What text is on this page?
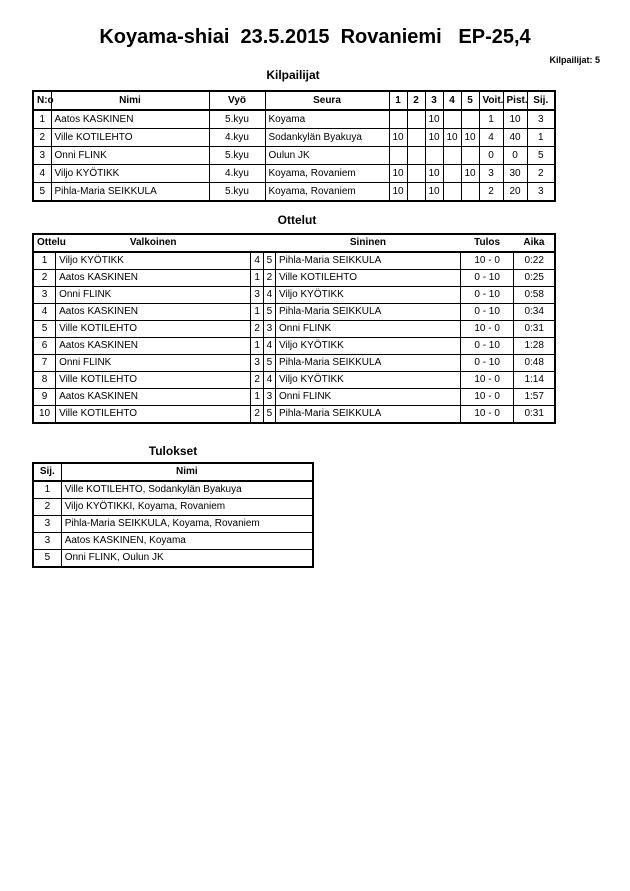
Koyama-shiai  23.5.2015  Rovaniemi   EP-25,4
Kilpailijat: 5
Kilpailijat
N:o	Nimi	Vyö	Seura	1	2	3	4	5	Voit.	Pist.	Sij.
1	Aatos KASKINEN	5.kyu	Koyama			10			1	10	3
2	Ville KOTILEHTO	4.kyu	Sodankylän Byakuya	10		10	10	10	4	40	1
3	Onni FLINK	5.kyu	Oulun JK						0	0	5
4	Viljo KYÖTIKK	4.kyu	Koyama, Rovaniem	10		10		10	3	30	2
5	Pihla-Maria SEIKKULA	5.kyu	Koyama, Rovaniem	10		10			2	20	3
Ottelut
Ottelu	Valkoinen			Sininen	Tulos	Aika
1	Viljo KYÖTIKK	4	5	Pihla-Maria SEIKKULA	10 - 0	0:22
2	Aatos KASKINEN	1	2	Ville KOTILEHTO	0 - 10	0:25
3	Onni FLINK	3	4	Viljo KYÖTIKK	0 - 10	0:58
4	Aatos KASKINEN	1	5	Pihla-Maria SEIKKULA	0 - 10	0:34
5	Ville KOTILEHTO	2	3	Onni FLINK	10 - 0	0:31
6	Aatos KASKINEN	1	4	Viljo KYÖTIKK	0 - 10	1:28
7	Onni FLINK	3	5	Pihla-Maria SEIKKULA	0 - 10	0:48
8	Ville KOTILEHTO	2	4	Viljo KYÖTIKK	10 - 0	1:14
9	Aatos KASKINEN	1	3	Onni FLINK	10 - 0	1:57
10	Ville KOTILEHTO	2	5	Pihla-Maria SEIKKULA	10 - 0	0:31
Tulokset
Sij.	Nimi
1	Ville KOTILEHTO, Sodankylän Byakuya
2	Viljo KYÖTIKKI, Koyama, Rovaniem
3	Pihla-Maria SEIKKULA, Koyama, Rovaniem
3	Aatos KASKINEN, Koyama
5	Onni FLINK, Oulun JK
